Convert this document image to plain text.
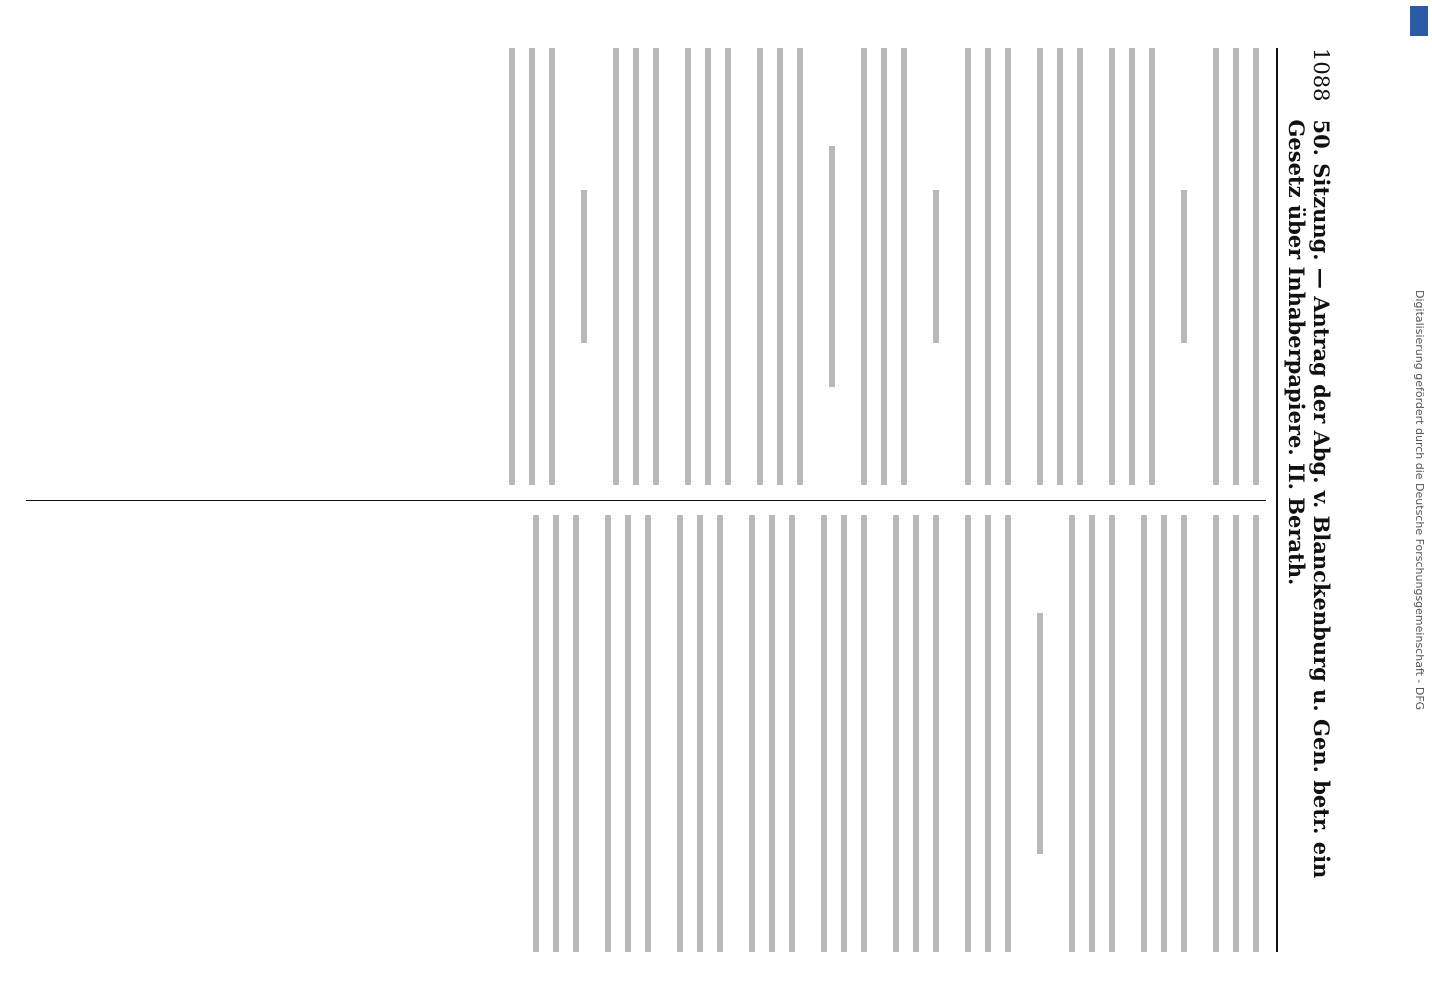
1088
50. Sitzung. — Antrag der Abg. v. Blanckenburg u. Gen. betr. ein Gesetz über Inhaberpapiere. II. Berath.	Digitalisierung gefördert durch die Deutsche Forschungsgemeinschaft - DFG
